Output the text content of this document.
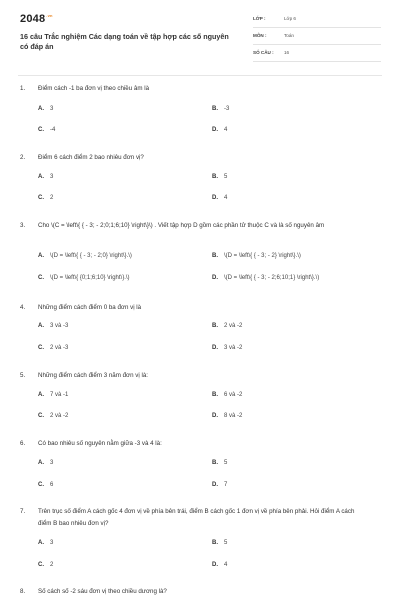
$2048^{.vn}$
16 câu Trắc nghiệm Các dạng toán về tập hợp các số nguyên có đáp án
LỚP :	Lớp 6
MÔN :	Toán
SỐ CÂU : 16
1. Điểm cách -1 ba đơn vị theo chiều âm là
A. 3	B. -3
C. -4	D. 4
2. Điểm 6 cách điểm 2 bao nhiêu đơn vị?
A. 3	B. 5
C. 2	D. 4
3. Cho \(C = \left\{ { - 3; - 2;0;1;6;10} \right\}\) . Viết tập hợp D gồm các phần tử thuộc C và là số nguyên âm
A. \(D = \left\{ { - 3; - 2;0} \right\}.\)	B. \(D = \left\{ { - 3; - 2} \right\}.\)
C. \(D = \left\{ {0;1;6;10} \right\}.\)	D. \(D = \left\{ { - 3; - 2;6;10;1} \right\}.\)
4. Những điểm cách điểm 0 ba đơn vị là
A. 3 và -3	B. 2 và -2
C. 2 và -3	D. 3 và -2
5. Những điểm cách điểm 3 năm đơn vị là:
A. 7 và -1	B. 6 và -2
C. 2 và -2	D. 8 và -2
6. Có bao nhiêu số nguyên nằm giữa -3 và 4 là:
A. 3	B. 5
C. 6	D. 7
7. Trên trục số điểm A cách gốc 4 đơn vị về phía bên trái, điểm B cách gốc 1 đơn vị về phía bên phải. Hỏi điểm A cách điểm B bao nhiêu đơn vị?
A. 3	B. 5
C. 2	D. 4
8. Số cách số -2 sáu đơn vị theo chiều dương là?
